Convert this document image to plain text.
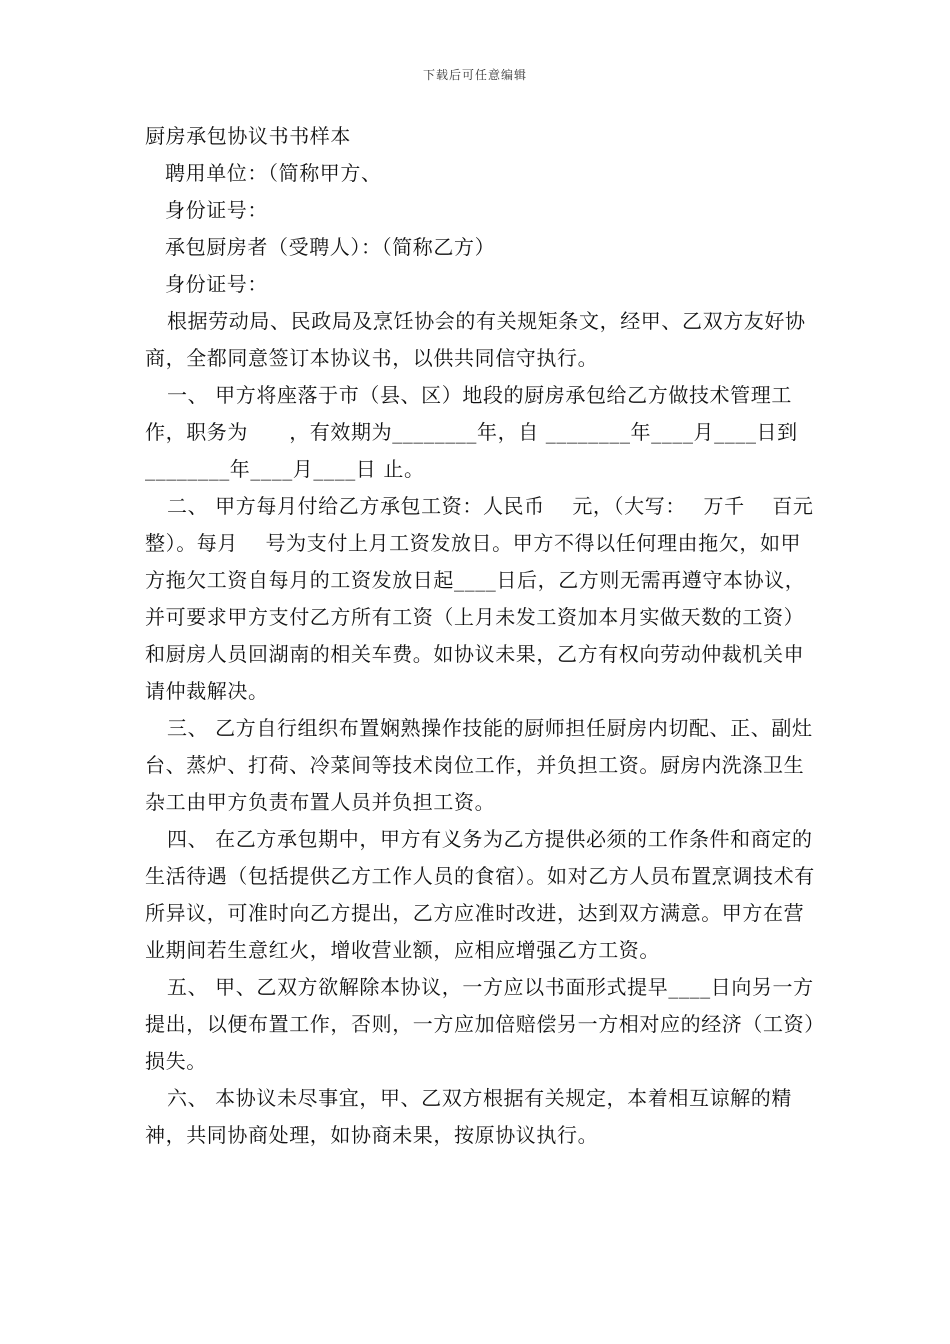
下载后可任意编辑

厨房承包协议书书样本

聘用单位：（简称甲方、

身份证号：

承包厨房者（受聘人）：（简称乙方）

身份证号：

根据劳动局、民政局及烹饪协会的有关规矩条文，经甲、乙双方友好协商，全都同意签订本协议书，以供共同信守执行。

一、 甲方将座落于市（县、区）地段的厨房承包给乙方做技术管理工作，职务为　　，有效期为________年，自 ________年____月____日到________年____月____日 止。

二、 甲方每月付给乙方承包工资：人民币　 元，（大写：　 万千　 百元整）。每月　 号为支付上月工资发放日。甲方不得以任何理由拖欠，如甲方拖欠工资自每月的工资发放日起____日后，乙方则无需再遵守本协议，并可要求甲方支付乙方所有工资（上月未发工资加本月实做天数的工资）和厨房人员回湖南的相关车费。如协议未果，乙方有权向劳动仲裁机关申请仲裁解决。

三、 乙方自行组织布置娴熟操作技能的厨师担任厨房内切配、正、副灶台、蒸炉、打荷、冷菜间等技术岗位工作，并负担工资。厨房内洗涤卫生杂工由甲方负责布置人员并负担工资。

四、 在乙方承包期中，甲方有义务为乙方提供必须的工作条件和商定的生活待遇（包括提供乙方工作人员的食宿）。如对乙方人员布置烹调技术有所异议，可准时向乙方提出，乙方应准时改进，达到双方满意。甲方在营业期间若生意红火，增收营业额，应相应增强乙方工资。

五、 甲、乙双方欲解除本协议，一方应以书面形式提早____日向另一方提出，以便布置工作，否则，一方应加倍赔偿另一方相对应的经济（工资）损失。

六、 本协议未尽事宜，甲、乙双方根据有关规定，本着相互谅解的精神，共同协商处理，如协商未果，按原协议执行。
